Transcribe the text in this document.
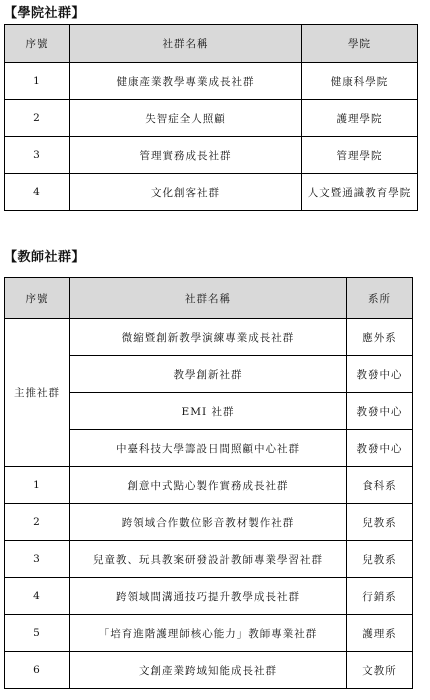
【學院社群】
序號	社群名稱	學院
1	健康產業教學專業成長社群	健康科學院
2	失智症全人照顧	護理學院
3	管理實務成長社群	管理學院
4	文化創客社群	人文暨通識教育學院
【教師社群】
序號	社群名稱	系所
主推社群	微縮暨創新教學演練專業成長社群	應外系
	教學創新社群	教發中心
	EMI 社群	教發中心
	中臺科技大學籌設日間照顧中心社群	教發中心
1	創意中式點心製作實務成長社群	食科系
2	跨領域合作數位影音教材製作社群	兒教系
3	兒童教、玩具教案研發設計教師專業學習社群	兒教系
4	跨領域間溝通技巧提升教學成長社群	行銷系
5	「培育進階護理師核心能力」教師專業社群	護理系
6	文創產業跨域知能成長社群	文教所
